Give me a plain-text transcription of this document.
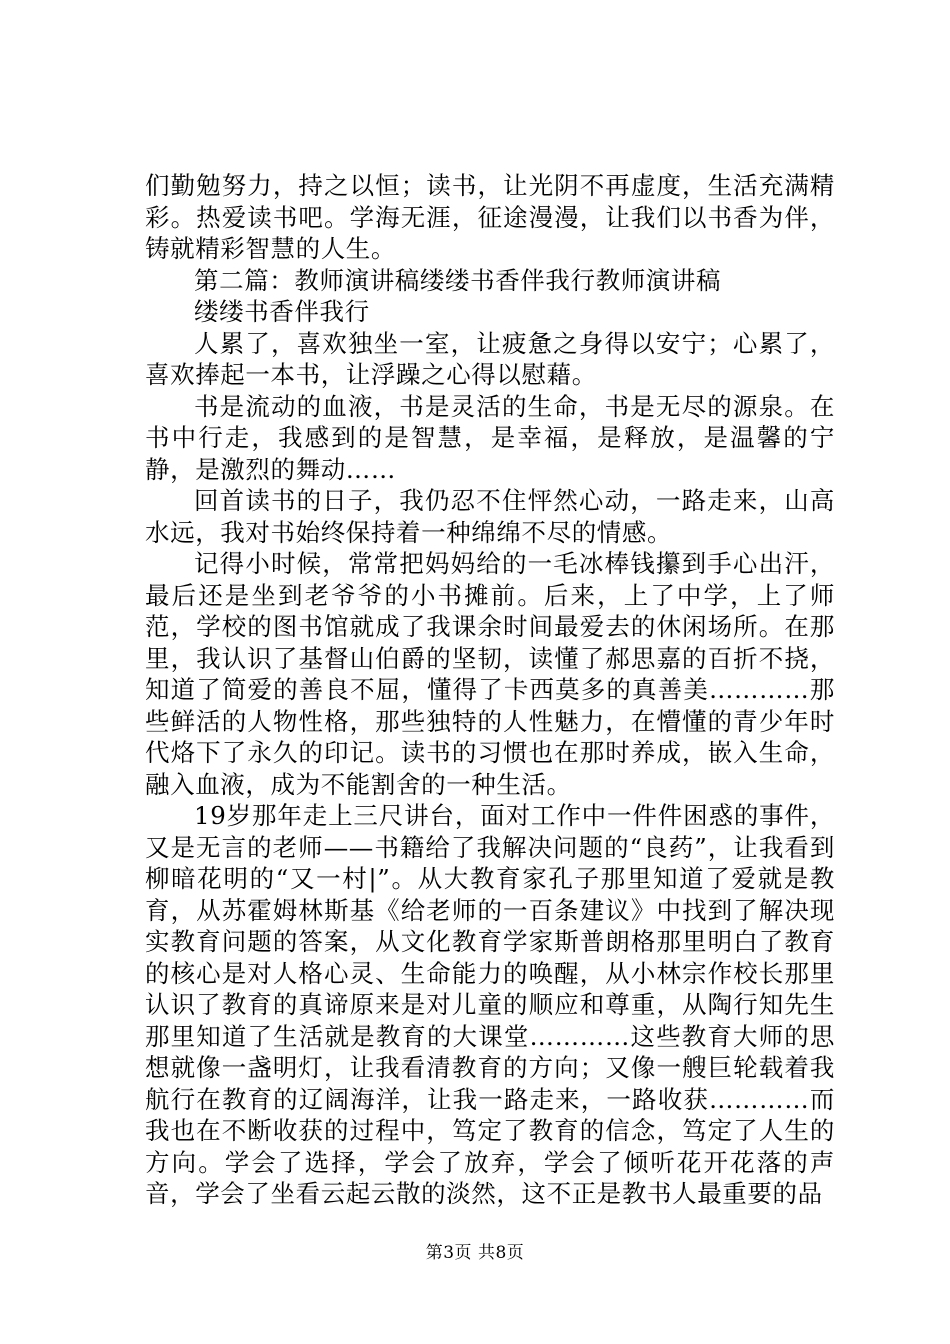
们勤勉努力，持之以恒；读书，让光阴不再虚度，生活充满精彩。热爱读书吧。学海无涯，征途漫漫，让我们以书香为伴，铸就精彩智慧的人生。

第二篇：教师演讲稿缕缕书香伴我行教师演讲稿

缕缕书香伴我行

人累了，喜欢独坐一室，让疲惫之身得以安宁；心累了，喜欢捧起一本书，让浮躁之心得以慰藉。

书是流动的血液，书是灵活的生命，书是无尽的源泉。在书中行走，我感到的是智慧，是幸福，是释放，是温馨的宁静，是激烈的舞动……

回首读书的日子，我仍忍不住怦然心动，一路走来，山高水远，我对书始终保持着一种绵绵不尽的情感。

记得小时候，常常把妈妈给的一毛冰棒钱攥到手心出汗，最后还是坐到老爷爷的小书摊前。后来，上了中学，上了师范，学校的图书馆就成了我课余时间最爱去的休闲场所。在那里，我认识了基督山伯爵的坚韧，读懂了郝思嘉的百折不挠，知道了简爱的善良不屈，懂得了卡西莫多的真善美…………那些鲜活的人物性格，那些独特的人性魅力，在懵懂的青少年时代烙下了永久的印记。读书的习惯也在那时养成，嵌入生命，融入血液，成为不能割舍的一种生活。

19岁那年走上三尺讲台，面对工作中一件件困惑的事件，又是无言的老师——书籍给了我解决问题的“良药”，让我看到柳暗花明的“又一村|”。从大教育家孔子那里知道了爱就是教育，从苏霍姆林斯基《给老师的一百条建议》中找到了解决现实教育问题的答案，从文化教育学家斯普朗格那里明白了教育的核心是对人格心灵、生命能力的唤醒，从小林宗作校长那里认识了教育的真谛原来是对儿童的顺应和尊重，从陶行知先生那里知道了生活就是教育的大课堂…………这些教育大师的思想就像一盏明灯，让我看清教育的方向；又像一艘巨轮载着我航行在教育的辽阔海洋，让我一路走来，一路收获…………而我也在不断收获的过程中，笃定了教育的信念，笃定了人生的方向。学会了选择，学会了放弃，学会了倾听花开花落的声音，学会了坐看云起云散的淡然，这不正是教书人最重要的品

第3页 共8页
